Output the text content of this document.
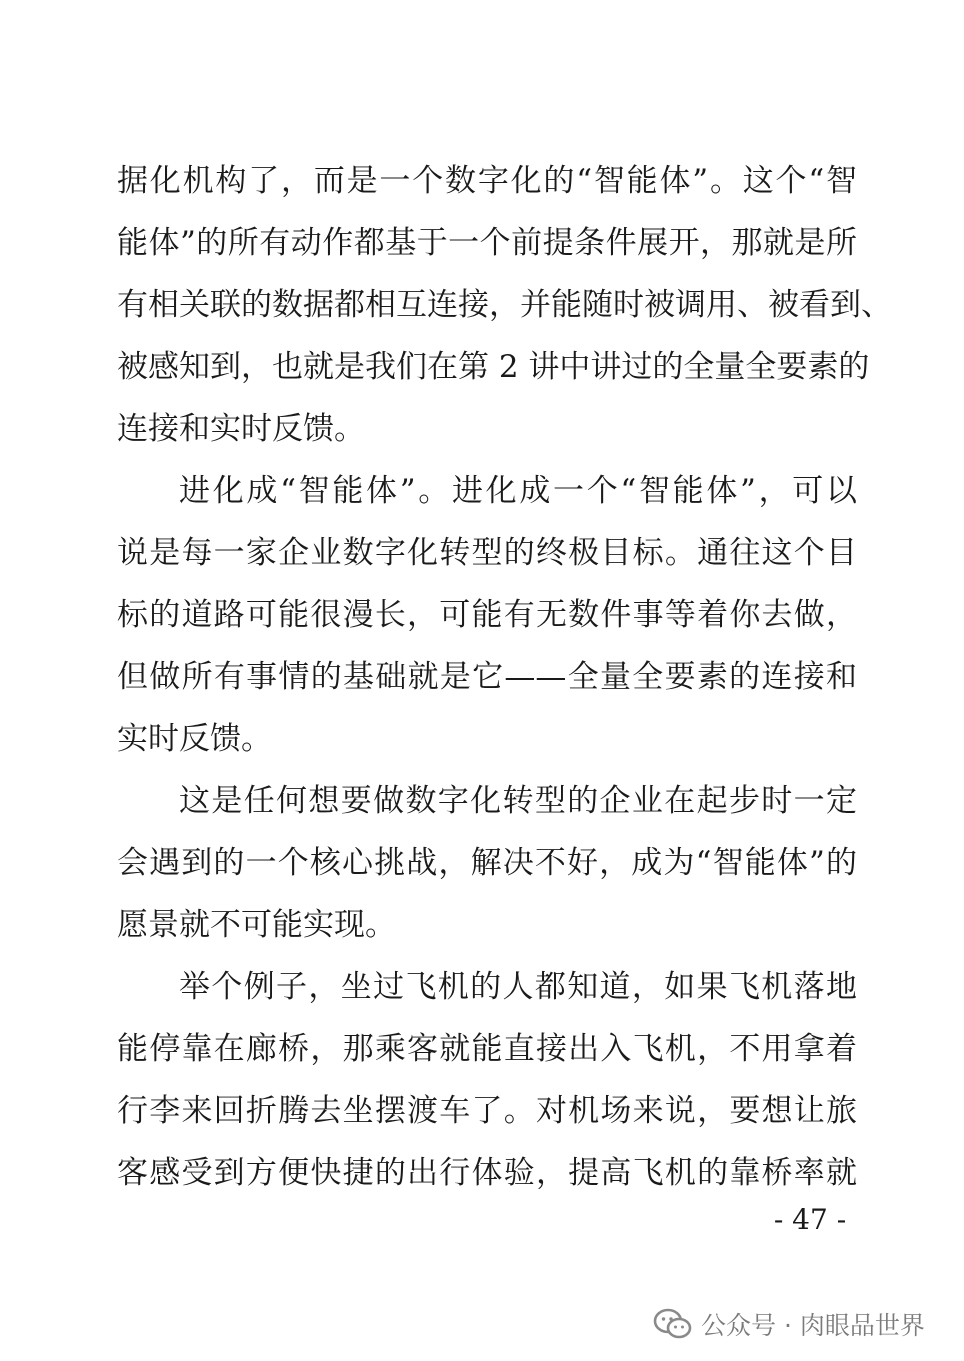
据化机构了，而是一个数字化的“智能体”。这个“智
能体”的所有动作都基于一个前提条件展开，那就是所
有相关联的数据都相互连接，并能随时被调用、被看到、
被感知到，也就是我们在第 2 讲中讲过的全量全要素的
连接和实时反馈。
进化成“智能体”。进化成一个“智能体”，可以
说是每一家企业数字化转型的终极目标。通往这个目
标的道路可能很漫长，可能有无数件事等着你去做，
但做所有事情的基础就是它——全量全要素的连接和
实时反馈。
这是任何想要做数字化转型的企业在起步时一定
会遇到的一个核心挑战，解决不好，成为“智能体”的
愿景就不可能实现。
举个例子，坐过飞机的人都知道，如果飞机落地
能停靠在廊桥，那乘客就能直接出入飞机，不用拿着
行李来回折腾去坐摆渡车了。对机场来说，要想让旅
客感受到方便快捷的出行体验，提高飞机的靠桥率就
- 47 -
公众号 · 肉眼品世界
